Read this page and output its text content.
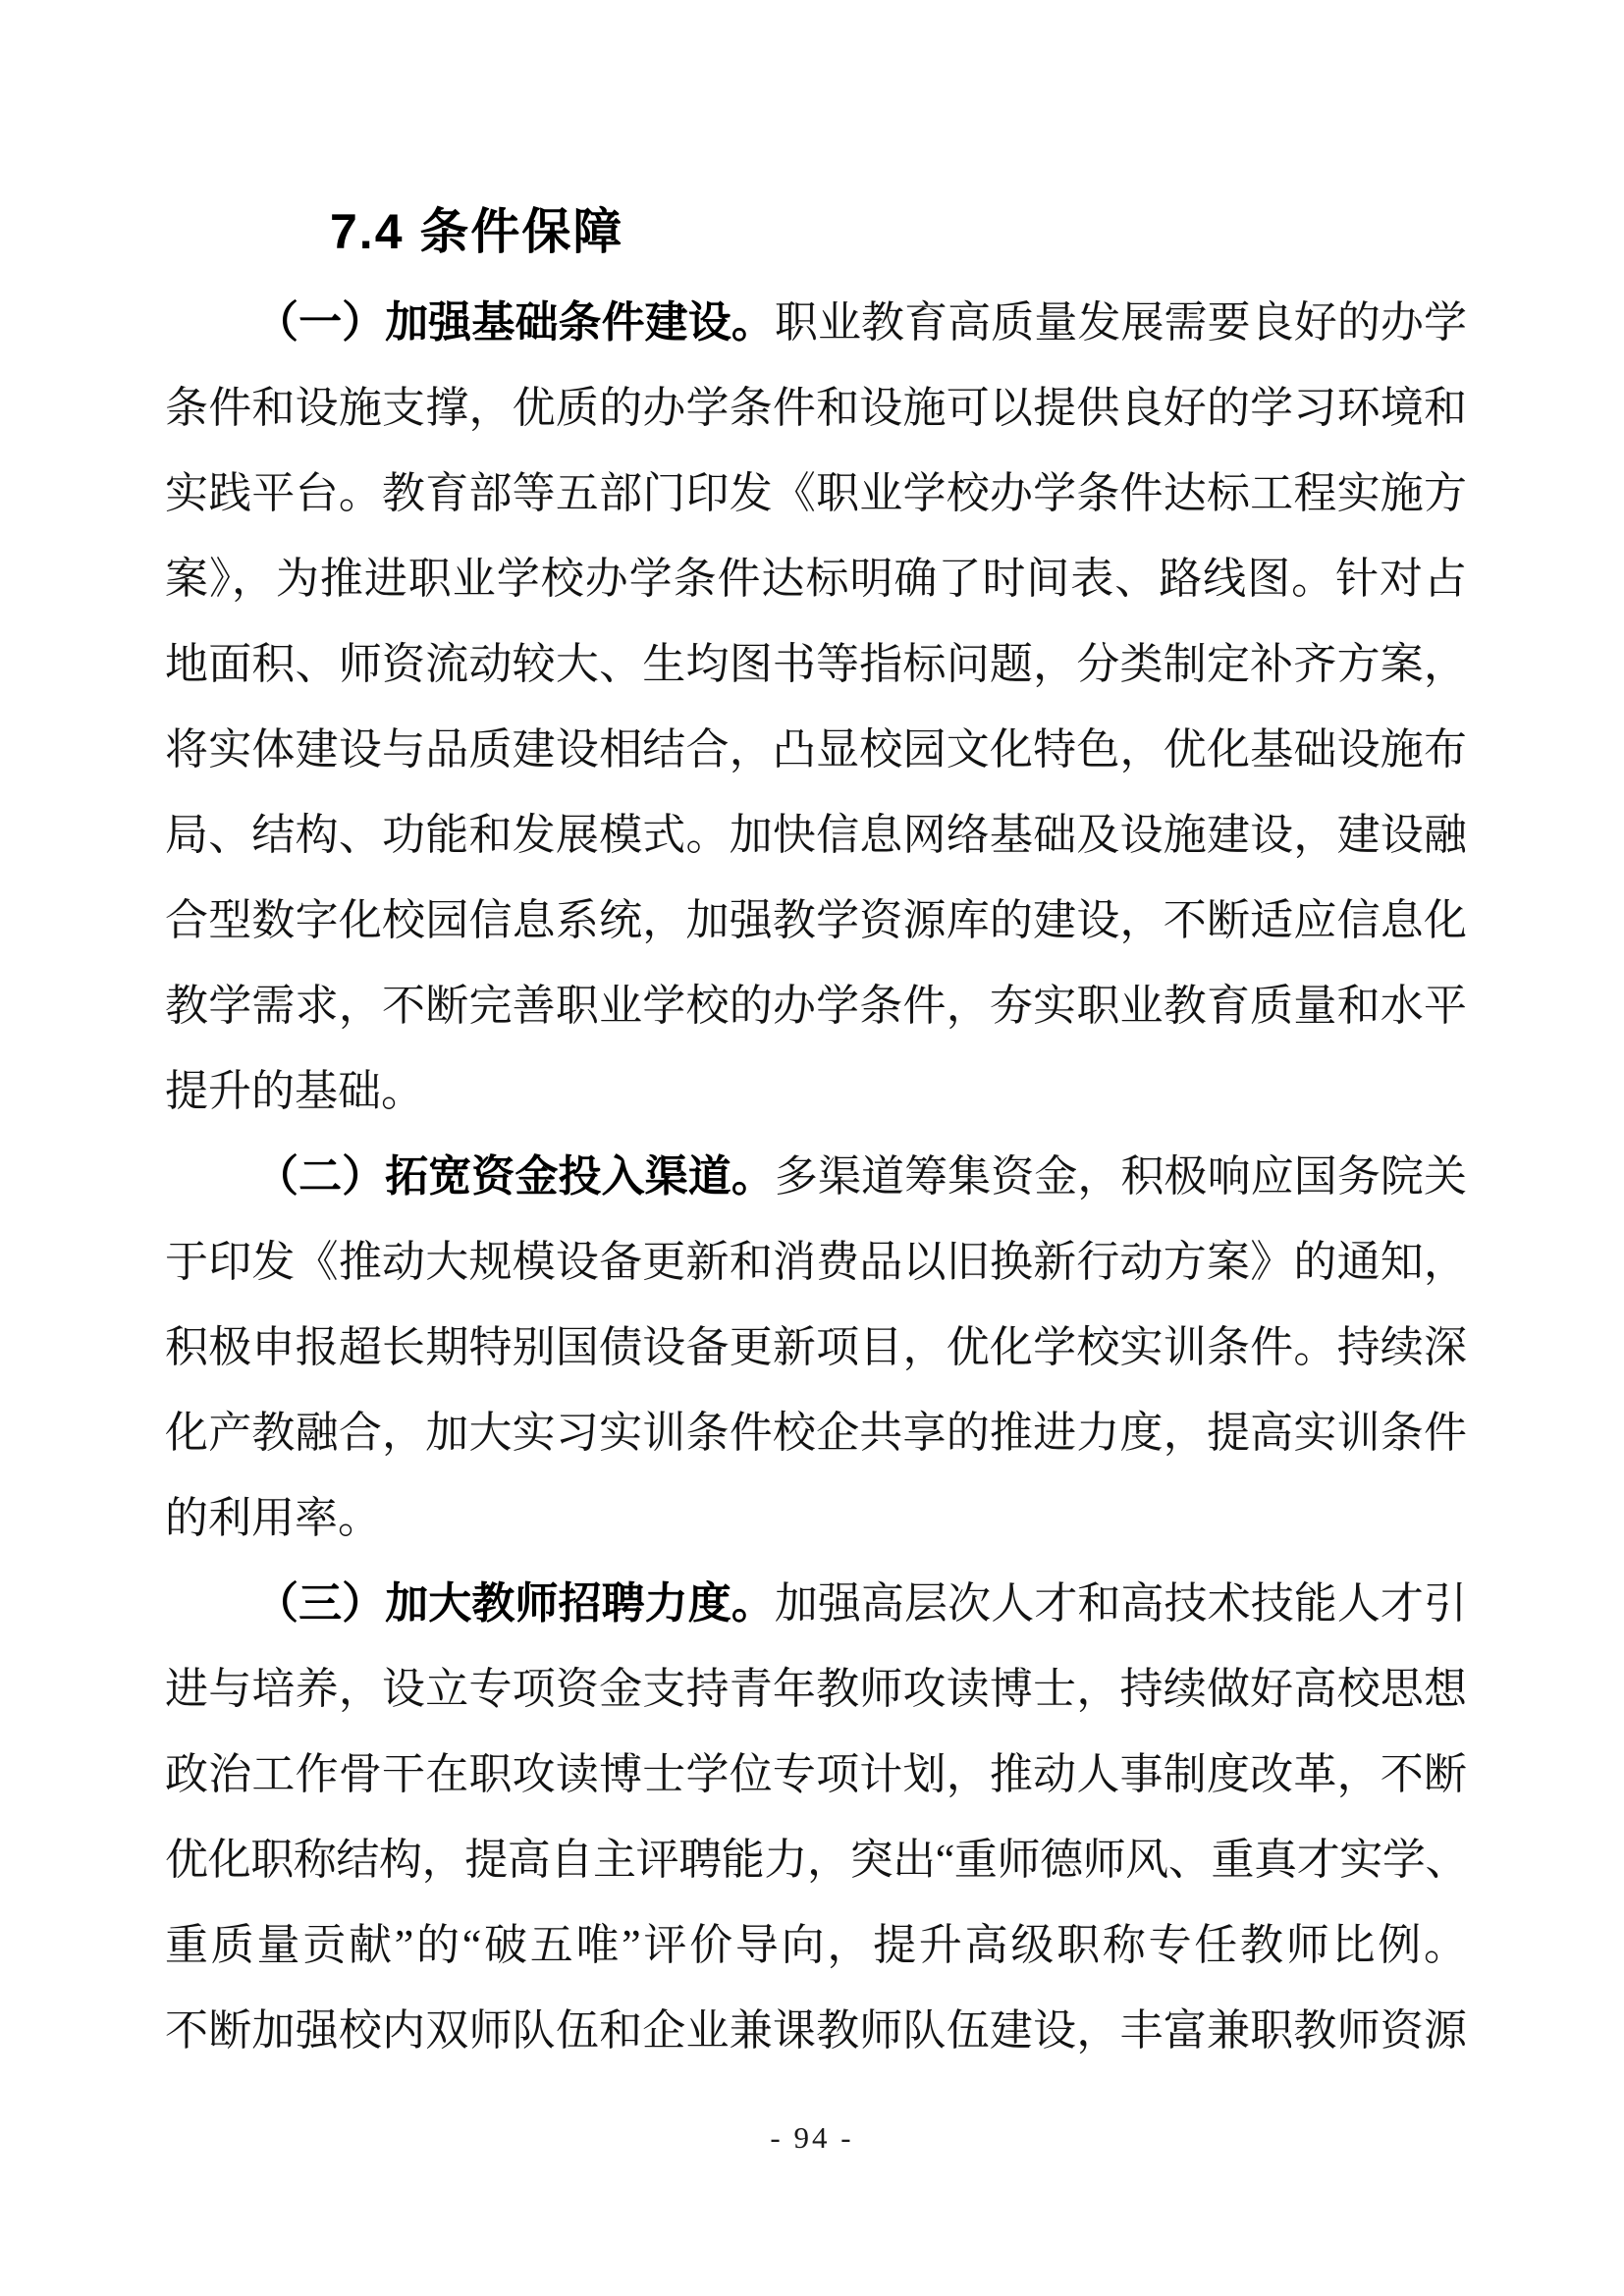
7.4 条件保障
（一）加强基础条件建设。职业教育高质量发展需要良好的办学
条件和设施支撑，优质的办学条件和设施可以提供良好的学习环境和
实践平台。教育部等五部门印发《职业学校办学条件达标工程实施方
案》，为推进职业学校办学条件达标明确了时间表、路线图。针对占
地面积、师资流动较大、生均图书等指标问题，分类制定补齐方案，
将实体建设与品质建设相结合，凸显校园文化特色，优化基础设施布
局、结构、功能和发展模式。加快信息网络基础及设施建设，建设融
合型数字化校园信息系统，加强教学资源库的建设，不断适应信息化
教学需求，不断完善职业学校的办学条件，夯实职业教育质量和水平
提升的基础。
（二）拓宽资金投入渠道。多渠道筹集资金，积极响应国务院关
于印发《推动大规模设备更新和消费品以旧换新行动方案》的通知，
积极申报超长期特别国债设备更新项目，优化学校实训条件。持续深
化产教融合，加大实习实训条件校企共享的推进力度，提高实训条件
的利用率。
（三）加大教师招聘力度。加强高层次人才和高技术技能人才引
进与培养，设立专项资金支持青年教师攻读博士，持续做好高校思想
政治工作骨干在职攻读博士学位专项计划，推动人事制度改革，不断
优化职称结构，提高自主评聘能力，突出“重师德师风、重真才实学、
重质量贡献”的“破五唯”评价导向，提升高级职称专任教师比例。
不断加强校内双师队伍和企业兼课教师队伍建设，丰富兼职教师资源
- 94 -
